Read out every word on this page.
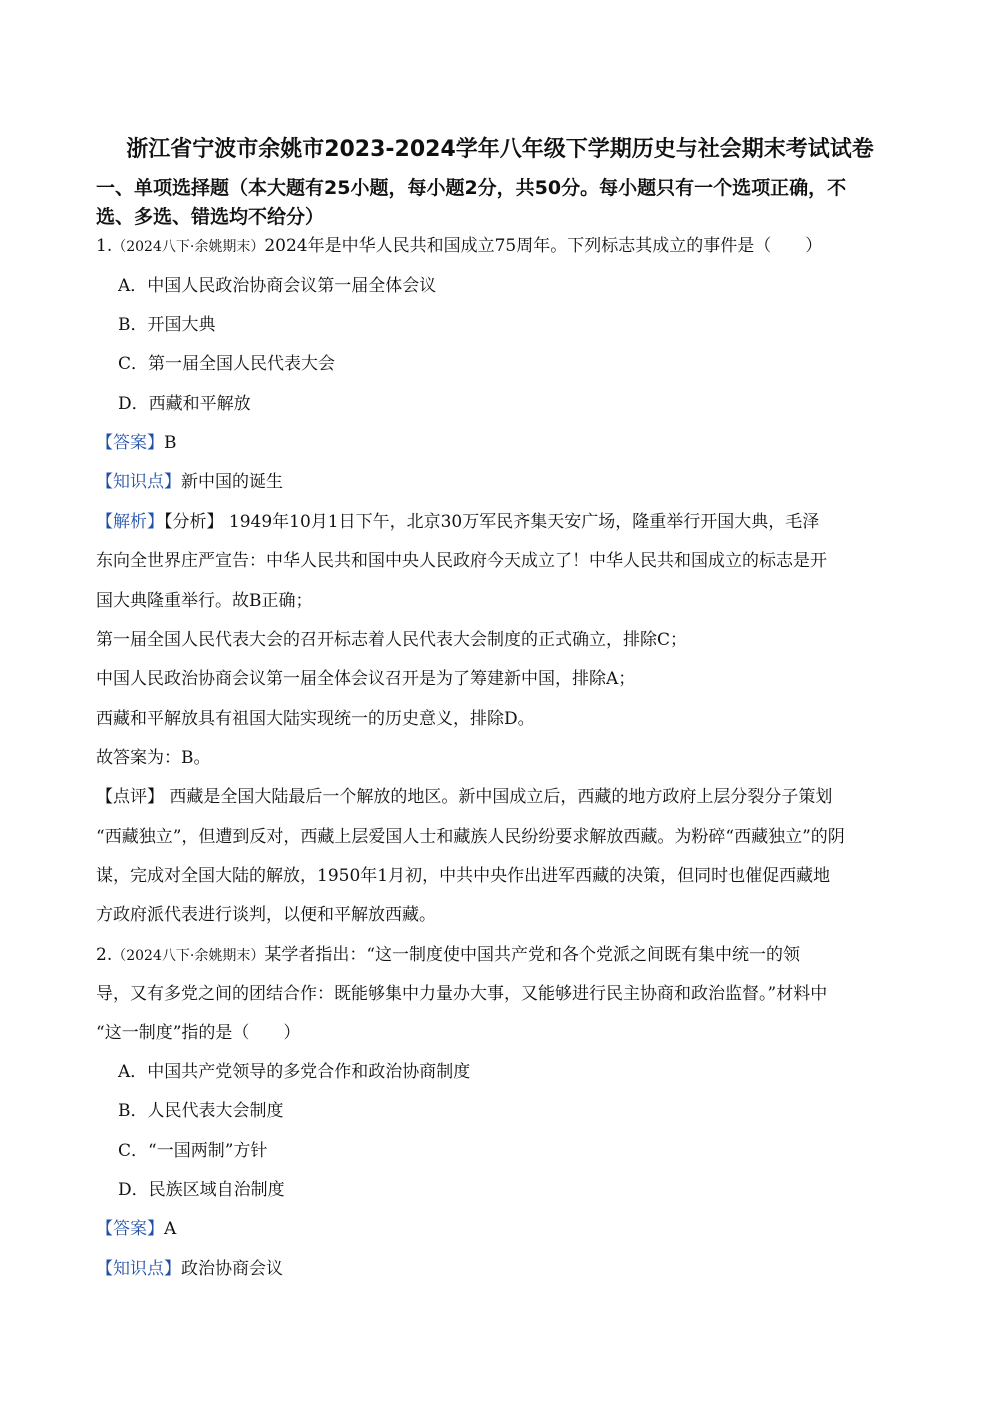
浙江省宁波市余姚市2023-2024学年八年级下学期历史与社会期末考试试卷
一、单项选择题（本大题有25小题，每小题2分，共50分。每小题只有一个选项正确，不
选、多选、错选均不给分）
1.（2024八下·余姚期末）2024年是中华人民共和国成立75周年。下列标志其成立的事件是（　　）
A．中国人民政治协商会议第一届全体会议
B．开国大典
C．第一届全国人民代表大会
D．西藏和平解放
【答案】B
【知识点】新中国的诞生
【解析】【分析】 1949年10月1日下午，北京30万军民齐集天安广场，隆重举行开国大典，毛泽
东向全世界庄严宣告：中华人民共和国中央人民政府今天成立了！中华人民共和国成立的标志是开
国大典隆重举行。故B正确；
第一届全国人民代表大会的召开标志着人民代表大会制度的正式确立，排除C；
中国人民政治协商会议第一届全体会议召开是为了筹建新中国，排除A；
西藏和平解放具有祖国大陆实现统一的历史意义，排除D。
故答案为：B。
【点评】 西藏是全国大陆最后一个解放的地区。新中国成立后，西藏的地方政府上层分裂分子策划
“西藏独立”，但遭到反对，西藏上层爱国人士和藏族人民纷纷要求解放西藏。为粉碎“西藏独立”的阴
谋，完成对全国大陆的解放，1950年1月初，中共中央作出进军西藏的决策，但同时也催促西藏地
方政府派代表进行谈判，以便和平解放西藏。
2.（2024八下·余姚期末）某学者指出：“这一制度使中国共产党和各个党派之间既有集中统一的领
导，又有多党之间的团结合作：既能够集中力量办大事，又能够进行民主协商和政治监督。”材料中
“这一制度”指的是（　　）
A．中国共产党领导的多党合作和政治协商制度
B．人民代表大会制度
C．“一国两制”方针
D．民族区域自治制度
【答案】A
【知识点】政治协商会议
